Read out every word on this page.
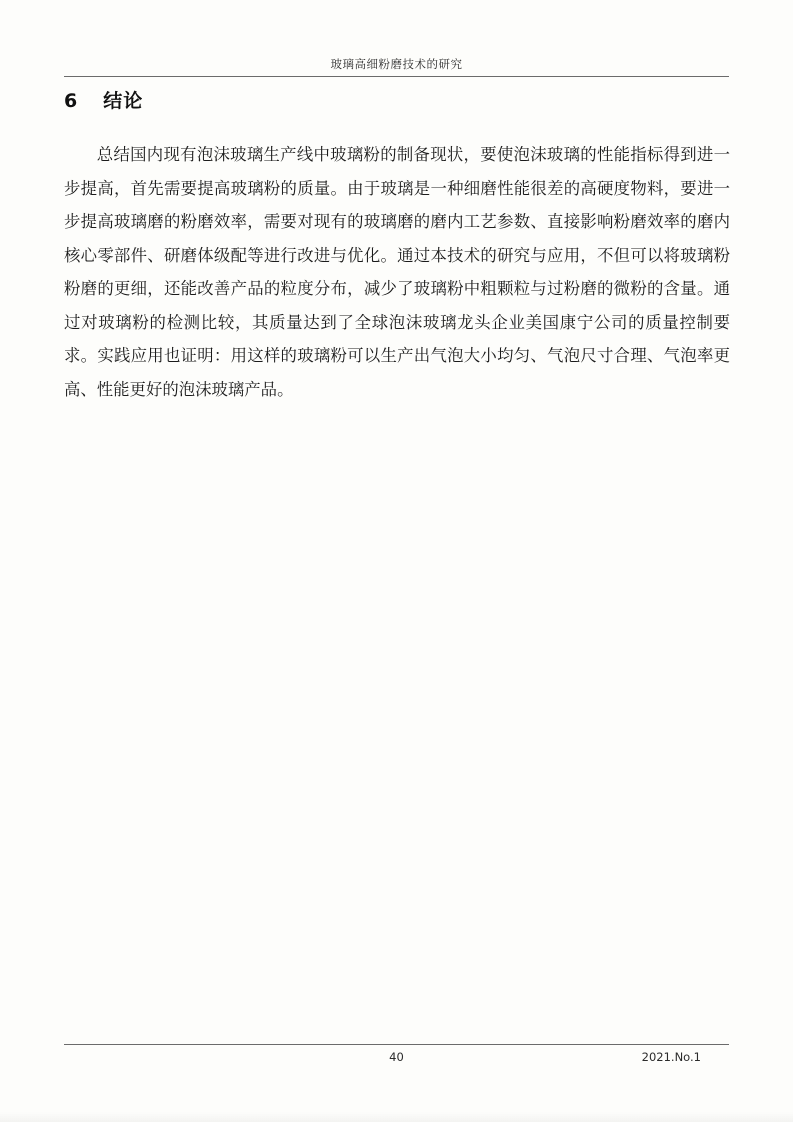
玻璃高细粉磨技术的研究
6 结论

总结国内现有泡沫玻璃生产线中玻璃粉的制备现状，要使泡沫玻璃的性能指标得到进一步提高，首先需要提高玻璃粉的质量。由于玻璃是一种细磨性能很差的高硬度物料，要进一步提高玻璃磨的粉磨效率，需要对现有的玻璃磨的磨内工艺参数、直接影响粉磨效率的磨内核心零部件、研磨体级配等进行改进与优化。通过本技术的研究与应用，不但可以将玻璃粉粉磨的更细，还能改善产品的粒度分布，减少了玻璃粉中粗颗粒与过粉磨的微粉的含量。通过对玻璃粉的检测比较，其质量达到了全球泡沫玻璃龙头企业美国康宁公司的质量控制要求。实践应用也证明：用这样的玻璃粉可以生产出气泡大小均匀、气泡尺寸合理、气泡率更高、性能更好的泡沫玻璃产品。

40	2021.No.1
